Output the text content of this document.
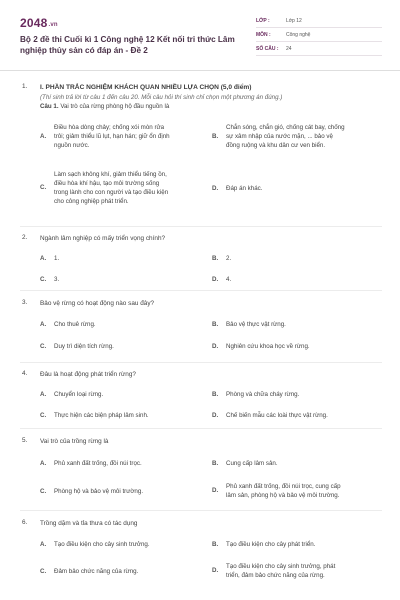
2048.vn
Bộ 2 đề thi Cuối kì 1 Công nghệ 12 Kết nối tri thức Lâm nghiệp thủy sản có đáp án - Đề 2
LỚP :	Lớp 12
MÔN :	Công nghệ
SỐ CÂU :	24
1. I. PHẦN TRẮC NGHIỆM KHÁCH QUAN NHIỀU LỰA CHỌN (5,0 điểm)
(Thí sinh trả lời từ câu 1 đến câu 20. Mỗi câu hỏi thí sinh chỉ chọn một phương án đúng.)
Câu 1. Vai trò của rừng phòng hộ đầu nguồn là
A.
Điều hòa dòng chảy; chống xói mòn rửa
trôi; giảm thiểu lũ lụt, hạn hán; giữ ổn định
nguồn nước.
B.
Chắn sóng, chắn gió, chống cát bay, chống
sự xâm nhập của nước mặn, ... bảo vệ
đồng ruộng và khu dân cư ven biển.
C.
Làm sạch không khí, giảm thiểu tiếng ồn,
điều hòa khí hậu, tạo môi trường sống
trong lành cho con người và tạo điều kiện
cho công nghiệp phát triển.
D. Đáp án khác.
2. Ngành lâm nghiệp có mấy triển vọng chính?
A. 1.	B. 2.
C. 3.	D. 4.
3. Bảo vệ rừng có hoạt động nào sau đây?
A. Cho thuê rừng.	B. Bảo vệ thực vật rừng.
C. Duy trì diện tích rừng.	D. Nghiên cứu khoa học về rừng.
4. Đâu là hoạt động phát triển rừng?
A. Chuyển loại rừng.	B. Phòng và chữa cháy rừng.
C. Thực hiện các biện pháp lâm sinh.	D. Chế biến mẫu các loài thực vật rừng.
5. Vai trò của trồng rừng là
A. Phủ xanh đất trống, đồi núi trọc.	B. Cung cấp lâm sản.
C. Phòng hộ và bảo vệ môi trường.	D.
Phủ xanh đất trống, đồi núi trọc, cung cấp
lâm sản, phòng hộ và bảo vệ môi trường.
6. Trồng dặm và tỉa thưa có tác dụng
A. Tạo điều kiện cho cây sinh trưởng.	B. Tạo điều kiện cho cây phát triển.
C. Đảm bảo chức năng của rừng.	D.
Tạo điều kiện cho cây sinh trưởng, phát
triển, đảm bảo chức năng của rừng.
